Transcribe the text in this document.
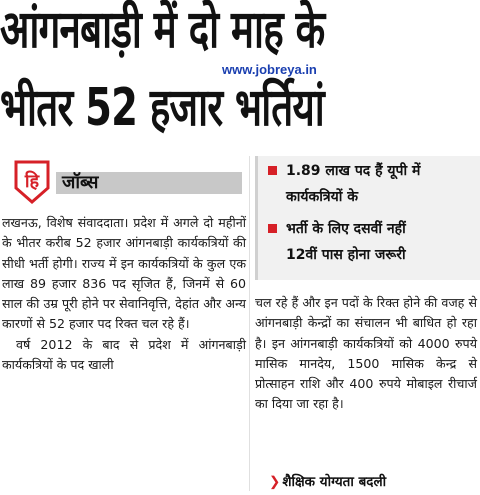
आंगनबाड़ी में दो माह के
www.jobreya.in
भीतर 52 हजार भर्तियां
हि जॉब्स
1.89 लाख पद हैं यूपी में
कार्यकत्रियों के
भर्ती के लिए दसवीं नहीं
12वीं पास होना जरूरी

लखनऊ, विशेष संवाददाता। प्रदेश में अगले दो महीनों के भीतर करीब 52 हजार आंगनबाड़ी कार्यकत्रियों की सीधी भर्ती होगी। राज्य में इन कार्यकत्रियों के कुल एक लाख 89 हजार 836 पद सृजित हैं, जिनमें से 60 साल की उम्र पूरी होने पर सेवानिवृत्ति, देहांत और अन्य कारणों से 52 हजार पद रिक्त चल रहे हैं।

वर्ष 2012 के बाद से प्रदेश में आंगनबाड़ी कार्यकत्रियों के पद खाली

चल रहे हैं और इन पदों के रिक्त होने की वजह से आंगनबाड़ी केन्द्रों का संचालन भी बाधित हो रहा है। इन आंगनबाड़ी कार्यकत्रियों को 4000 रुपये मासिक मानदेय, 1500 मासिक केन्द्र से प्रोत्साहन राशि और 400 रुपये मोबाइल रीचार्ज का दिया जा रहा है।

❯ शैक्षिक योग्यता बदली
